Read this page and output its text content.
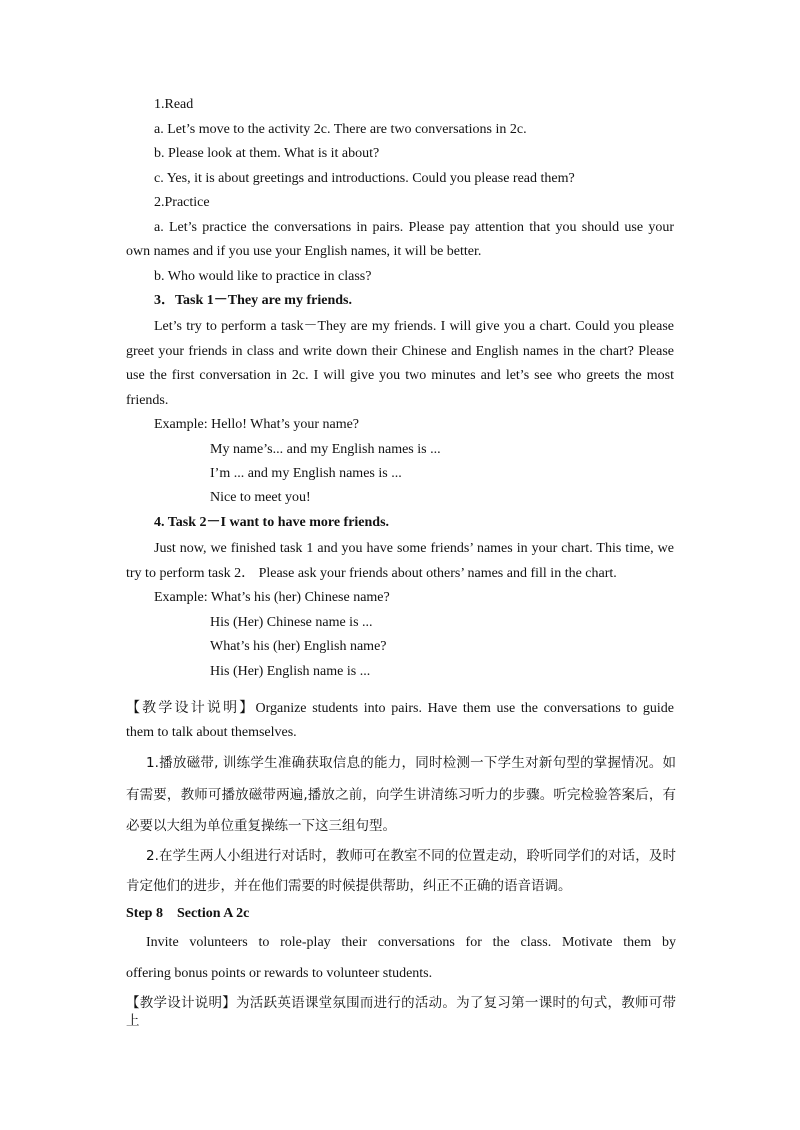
1.Read
a. Let’s move to the activity 2c. There are two conversations in 2c.
b. Please look at them. What is it about?
c. Yes, it is about greetings and introductions. Could you please read them?
2.Practice
a. Let’s practice the conversations in pairs. Please pay attention that you should use your
own names and if you use your English names, it will be better.
b. Who would like to practice in class?
3．Task 1－They are my friends.
Let’s try to perform a task－They are my friends. I will give you a chart. Could you please
greet your friends in class and write down their Chinese and English names in the chart? Please
use the first conversation in 2c. I will give you two minutes and let’s see who greets the most
friends.
Example: Hello! What’s your name?
My name’s... and my English names is ...
I’m ... and my English names is ...
Nice to meet you!
4. Task 2－I want to have more friends.
Just now, we finished task 1 and you have some friends’ names in your chart. This time, we
try to perform task 2． Please ask your friends about others’ names and fill in the chart.
Example: What’s his (her) Chinese name?
His (Her) Chinese name is ...
What’s his (her) English name?
His (Her) English name is ...
【教学设计说明】Organize students into pairs. Have them use the conversations to guide
them to talk about themselves.
1.播放磁带, 训练学生准确获取信息的能力，同时检测一下学生对新句型的掌握情况。如
有需要，教师可播放磁带两遍,播放之前，向学生讲清练习听力的步骤。听完检验答案后，有
必要以大组为单位重复操练一下这三组句型。
2.在学生两人小组进行对话时，教师可在教室不同的位置走动，聆听同学们的对话，及时
肯定他们的进步，并在他们需要的时候提供帮助，纠正不正确的语音语调。
Step 8    Section A 2c
Invite volunteers to role-play their conversations for the class. Motivate them by
offering bonus points or rewards to volunteer students.
【教学设计说明】为活跃英语课堂氛围而进行的活动。为了复习第一课时的句式，教师可带上
